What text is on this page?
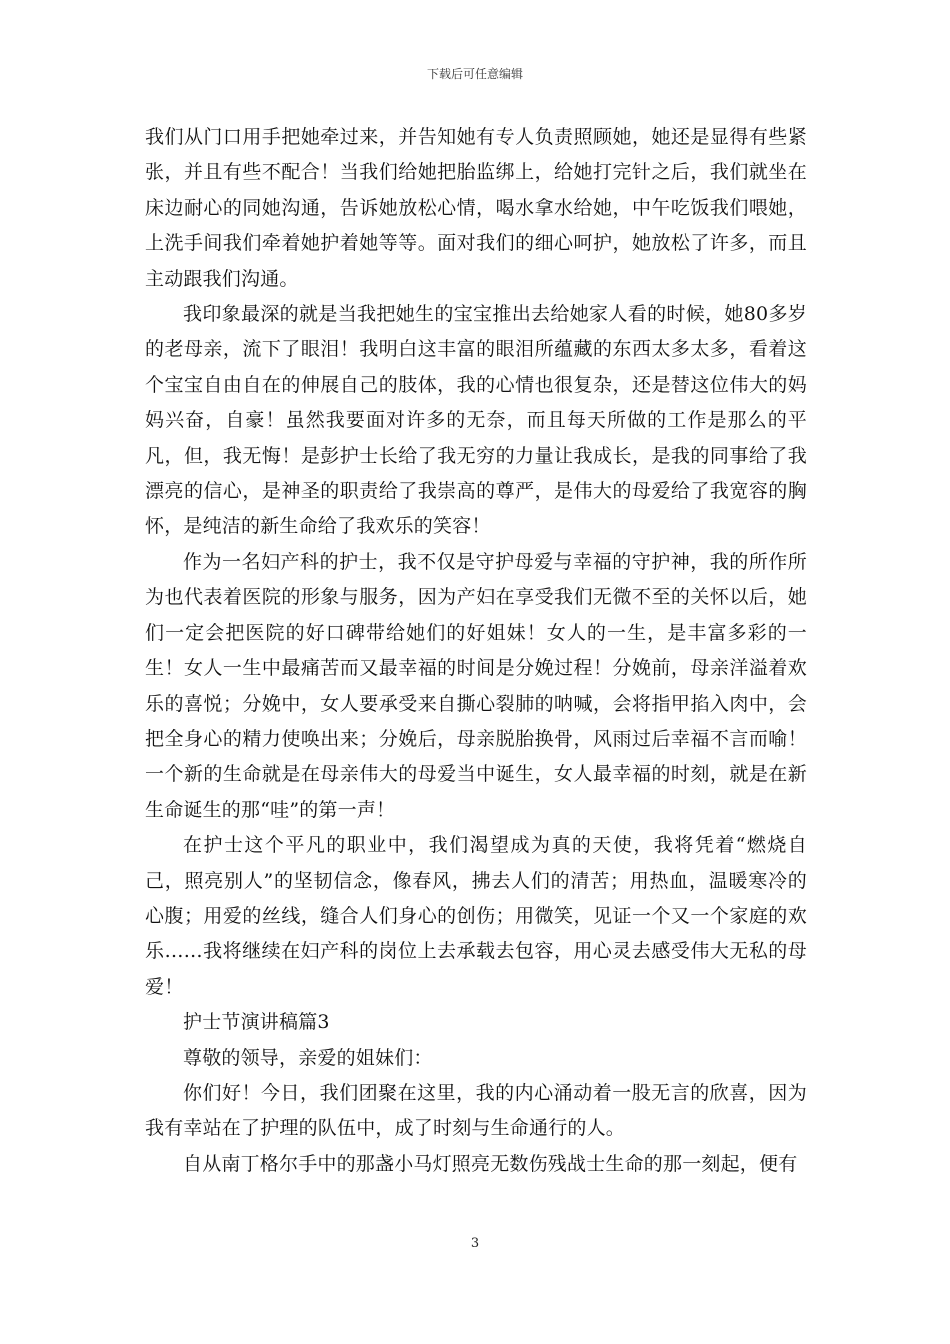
下载后可任意编辑

我们从门口用手把她牵过来，并告知她有专人负责照顾她，她还是显得有些紧张，并且有些不配合！当我们给她把胎监绑上，给她打完针之后，我们就坐在床边耐心的同她沟通，告诉她放松心情，喝水拿水给她，中午吃饭我们喂她，上洗手间我们牵着她护着她等等。面对我们的细心呵护，她放松了许多，而且主动跟我们沟通。

我印象最深的就是当我把她生的宝宝推出去给她家人看的时候，她80多岁的老母亲，流下了眼泪！我明白这丰富的眼泪所蕴藏的东西太多太多，看着这个宝宝自由自在的伸展自己的肢体，我的心情也很复杂，还是替这位伟大的妈妈兴奋，自豪！虽然我要面对许多的无奈，而且每天所做的工作是那么的平凡，但，我无悔！是彭护士长给了我无穷的力量让我成长，是我的同事给了我漂亮的信心，是神圣的职责给了我崇高的尊严，是伟大的母爱给了我宽容的胸怀，是纯洁的新生命给了我欢乐的笑容！

作为一名妇产科的护士，我不仅是守护母爱与幸福的守护神，我的所作所为也代表着医院的形象与服务，因为产妇在享受我们无微不至的关怀以后，她们一定会把医院的好口碑带给她们的好姐妹！女人的一生，是丰富多彩的一生！女人一生中最痛苦而又最幸福的时间是分娩过程！分娩前，母亲洋溢着欢乐的喜悦；分娩中，女人要承受来自撕心裂肺的呐喊，会将指甲掐入肉中，会把全身心的精力使唤出来；分娩后，母亲脱胎换骨，风雨过后幸福不言而喻！一个新的生命就是在母亲伟大的母爱当中诞生，女人最幸福的时刻，就是在新生命诞生的那“哇”的第一声！

在护士这个平凡的职业中，我们渴望成为真的天使，我将凭着“燃烧自己，照亮别人”的坚韧信念，像春风，拂去人们的清苦；用热血，温暖寒冷的心腹；用爱的丝线，缝合人们身心的创伤；用微笑，见证一个又一个家庭的欢乐……我将继续在妇产科的岗位上去承载去包容，用心灵去感受伟大无私的母爱！

护士节演讲稿篇3

尊敬的领导，亲爱的姐妹们：

你们好！今日，我们团聚在这里，我的内心涌动着一股无言的欣喜，因为我有幸站在了护理的队伍中，成了时刻与生命通行的人。

自从南丁格尔手中的那盏小马灯照亮无数伤残战士生命的那一刻起，便有

3
